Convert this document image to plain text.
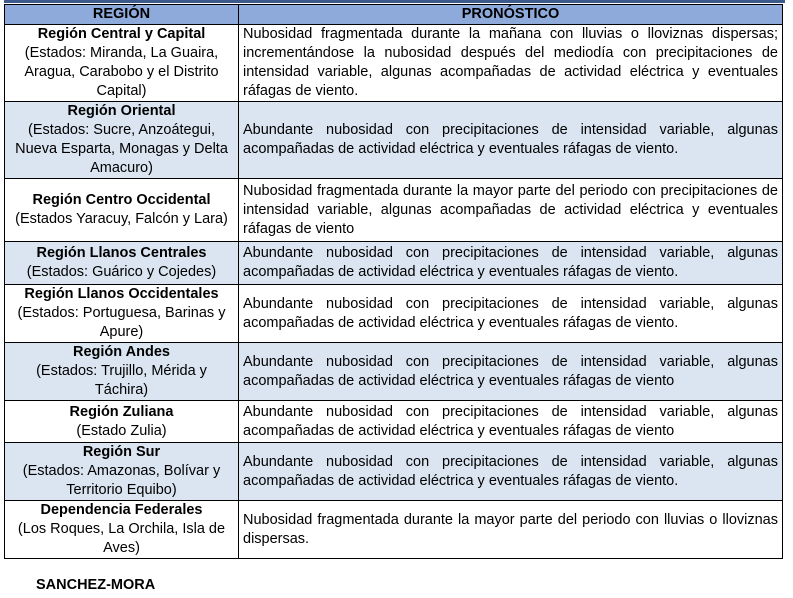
REGIÓN	PRONÓSTICO

Región Central y Capital
(Estados: Miranda, La Guaira, Aragua, Carabobo y el Distrito Capital)	Nubosidad fragmentada durante la mañana con lluvias o lloviznas dispersas; incrementándose la nubosidad después del mediodía con precipitaciones de intensidad variable, algunas acompañadas de actividad eléctrica y eventuales ráfagas de viento.

Región Oriental
(Estados: Sucre, Anzoátegui, Nueva Esparta, Monagas y Delta Amacuro)	Abundante nubosidad con precipitaciones de intensidad variable, algunas acompañadas de actividad eléctrica y eventuales ráfagas de viento.

Región Centro Occidental
(Estados Yaracuy, Falcón y Lara)	Nubosidad fragmentada durante la mayor parte del periodo con precipitaciones de intensidad variable, algunas acompañadas de actividad eléctrica y eventuales ráfagas de viento

Región Llanos Centrales
(Estados: Guárico y Cojedes)	Abundante nubosidad con precipitaciones de intensidad variable, algunas acompañadas de actividad eléctrica y eventuales ráfagas de viento.

Región Llanos Occidentales
(Estados: Portuguesa, Barinas y Apure)	Abundante nubosidad con precipitaciones de intensidad variable, algunas acompañadas de actividad eléctrica y eventuales ráfagas de viento.

Región Andes
(Estados: Trujillo, Mérida y Táchira)	Abundante nubosidad con precipitaciones de intensidad variable, algunas acompañadas de actividad eléctrica y eventuales ráfagas de viento

Región Zuliana
(Estado Zulia)	Abundante nubosidad con precipitaciones de intensidad variable, algunas acompañadas de actividad eléctrica y eventuales ráfagas de viento

Región Sur
(Estados: Amazonas, Bolívar y Territorio Equibo)	Abundante nubosidad con precipitaciones de intensidad variable, algunas acompañadas de actividad eléctrica y eventuales ráfagas de viento.

Dependencia Federales
(Los Roques, La Orchila, Isla de Aves)	Nubosidad fragmentada durante la mayor parte del periodo con lluvias o lloviznas dispersas.
SANCHEZ-MORA
